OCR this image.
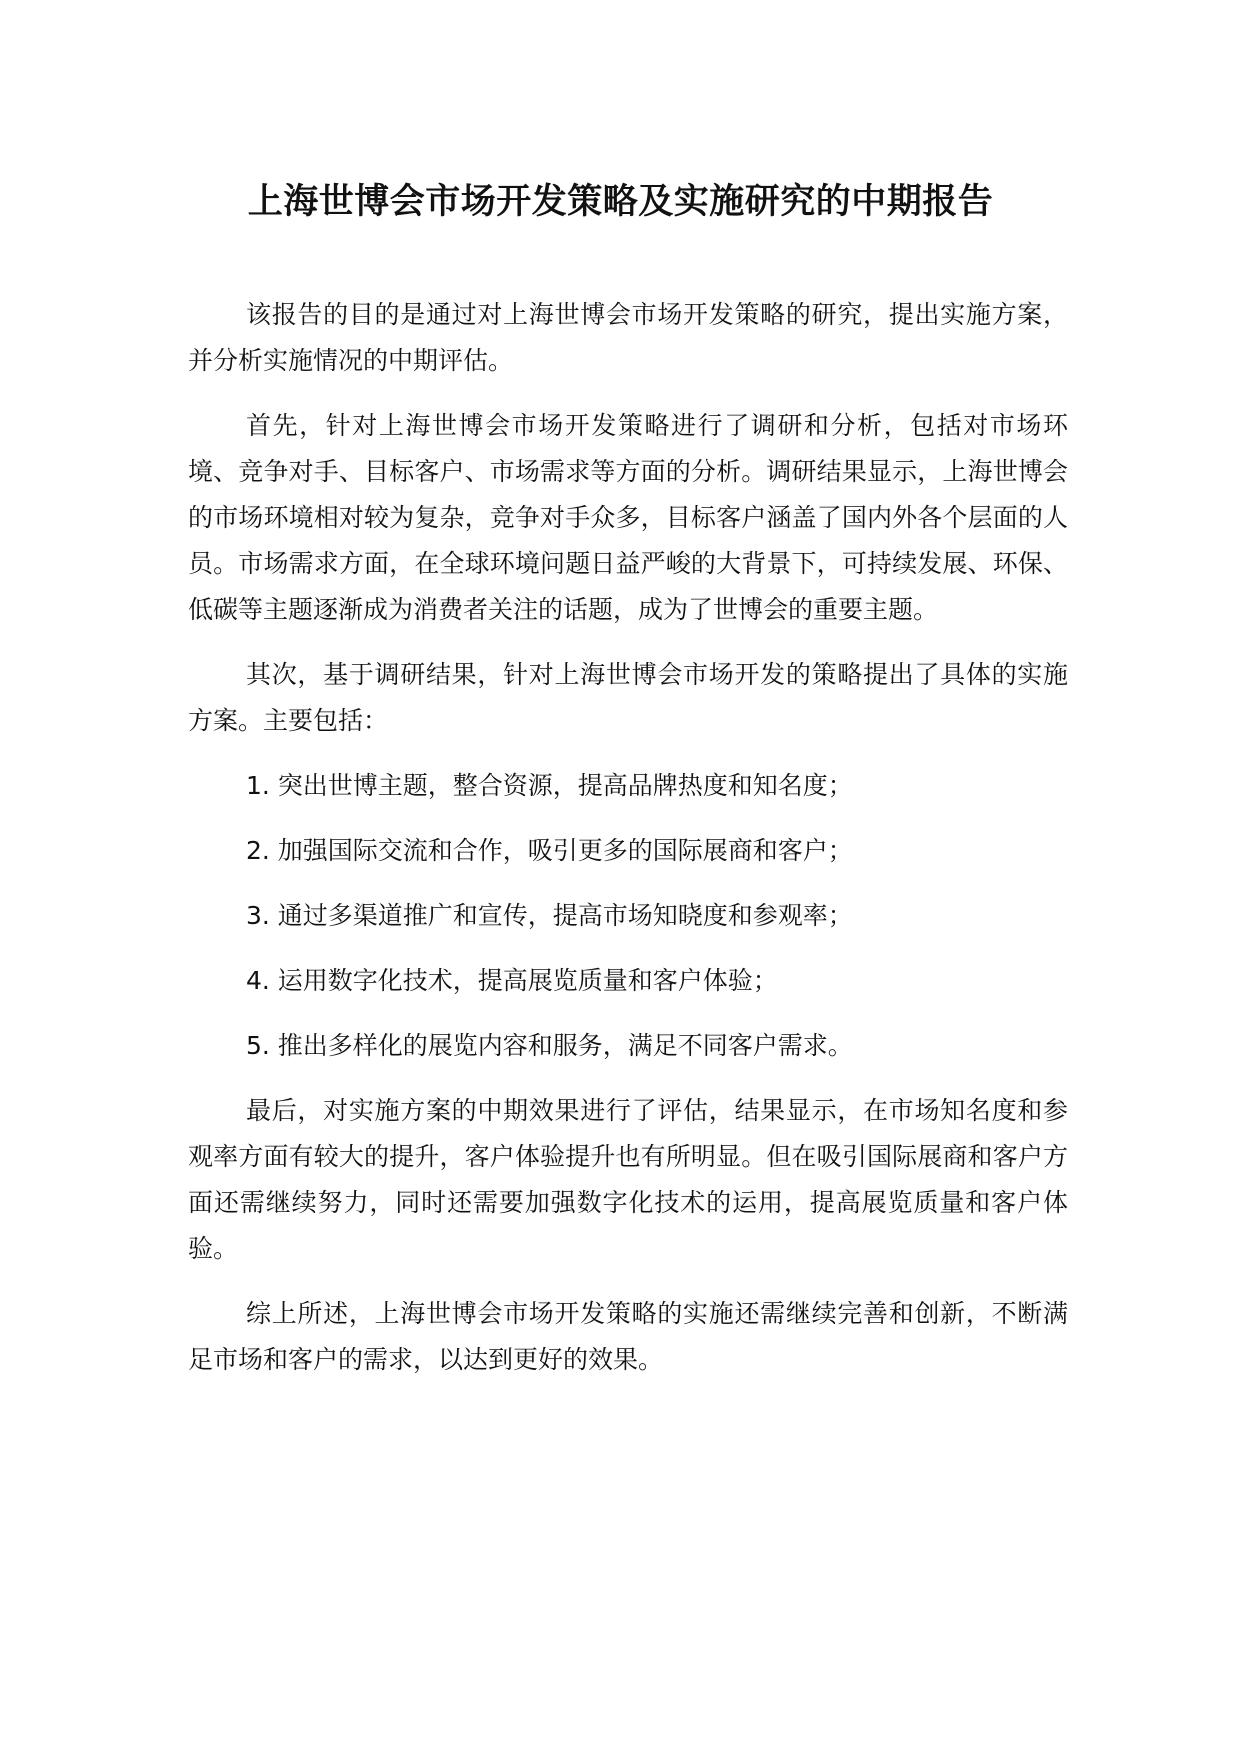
上海世博会市场开发策略及实施研究的中期报告

该报告的目的是通过对上海世博会市场开发策略的研究，提出实施方案，并分析实施情况的中期评估。

首先，针对上海世博会市场开发策略进行了调研和分析，包括对市场环境、竞争对手、目标客户、市场需求等方面的分析。调研结果显示，上海世博会的市场环境相对较为复杂，竞争对手众多，目标客户涵盖了国内外各个层面的人员。市场需求方面，在全球环境问题日益严峻的大背景下，可持续发展、环保、低碳等主题逐渐成为消费者关注的话题，成为了世博会的重要主题。

其次，基于调研结果，针对上海世博会市场开发的策略提出了具体的实施方案。主要包括：

1. 突出世博主题，整合资源，提高品牌热度和知名度；
2. 加强国际交流和合作，吸引更多的国际展商和客户；
3. 通过多渠道推广和宣传，提高市场知晓度和参观率；
4. 运用数字化技术，提高展览质量和客户体验；
5. 推出多样化的展览内容和服务，满足不同客户需求。

最后，对实施方案的中期效果进行了评估，结果显示，在市场知名度和参观率方面有较大的提升，客户体验提升也有所明显。但在吸引国际展商和客户方面还需继续努力，同时还需要加强数字化技术的运用，提高展览质量和客户体验。

综上所述，上海世博会市场开发策略的实施还需继续完善和创新，不断满足市场和客户的需求，以达到更好的效果。
